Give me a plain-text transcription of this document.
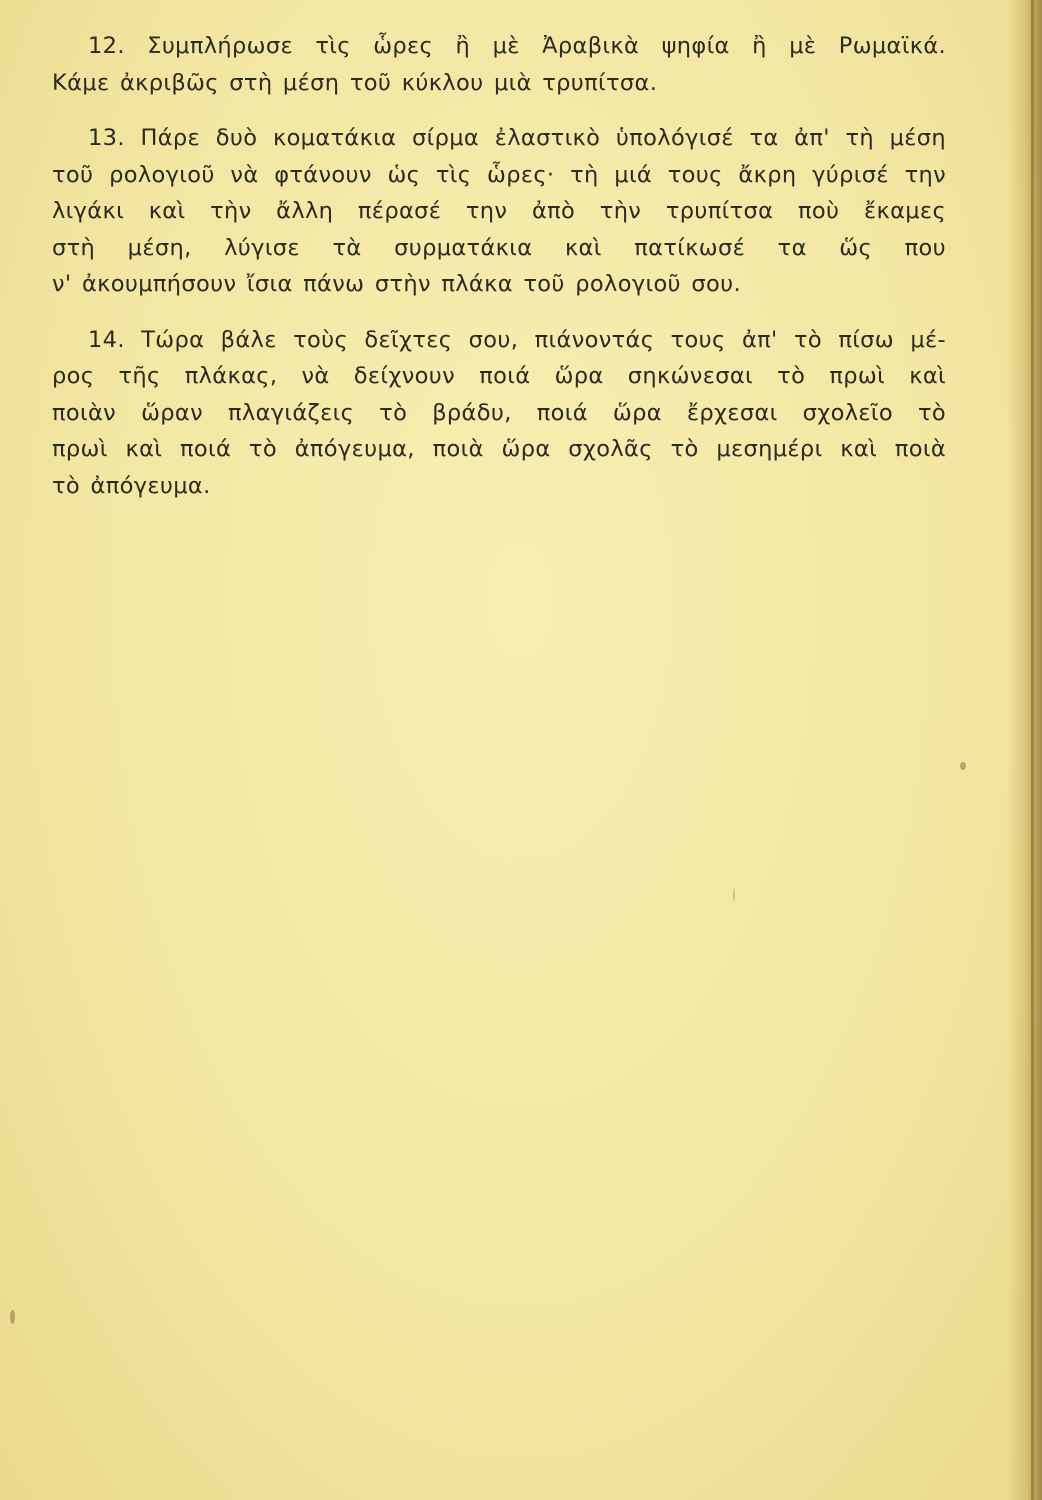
12. Συμπλήρωσε τὶς ὧρες ἢ μὲ Ἀραβικὰ ψηφία ἢ μὲ Ρωμαϊκά.
Κάμε ἀκριβῶς στὴ μέση τοῦ κύκλου μιὰ τρυπίτσα.
13. Πάρε δυὸ κοματάκια σίρμα ἐλαστικὸ ὑπολόγισέ τα ἀπ' τὴ μέση
τοῦ ρολογιοῦ νὰ φτάνουν ὡς τὶς ὧρες· τὴ μιά τους ἄκρη γύρισέ την
λιγάκι καὶ τὴν ἄλλη πέρασέ την ἀπὸ τὴν τρυπίτσα ποὺ ἔκαμες
στὴ μέση, λύγισε τὰ συρματάκια καὶ πατίκωσέ τα ὥς που
ν' ἀκουμπήσουν ἴσια πάνω στὴν πλάκα τοῦ ρολογιοῦ σου.
14. Τώρα βάλε τοὺς δεῖχτες σου, πιάνοντάς τους ἀπ' τὸ πίσω μέ-
ρος τῆς πλάκας, νὰ δείχνουν ποιά ὥρα σηκώνεσαι τὸ πρωὶ καὶ
ποιὰν ὥραν πλαγιάζεις τὸ βράδυ, ποιά ὥρα ἔρχεσαι σχολεῖο τὸ
πρωὶ καὶ ποιά τὸ ἀπόγευμα, ποιὰ ὥρα σχολᾶς τὸ μεσημέρι καὶ ποιὰ
τὸ ἀπόγευμα.
